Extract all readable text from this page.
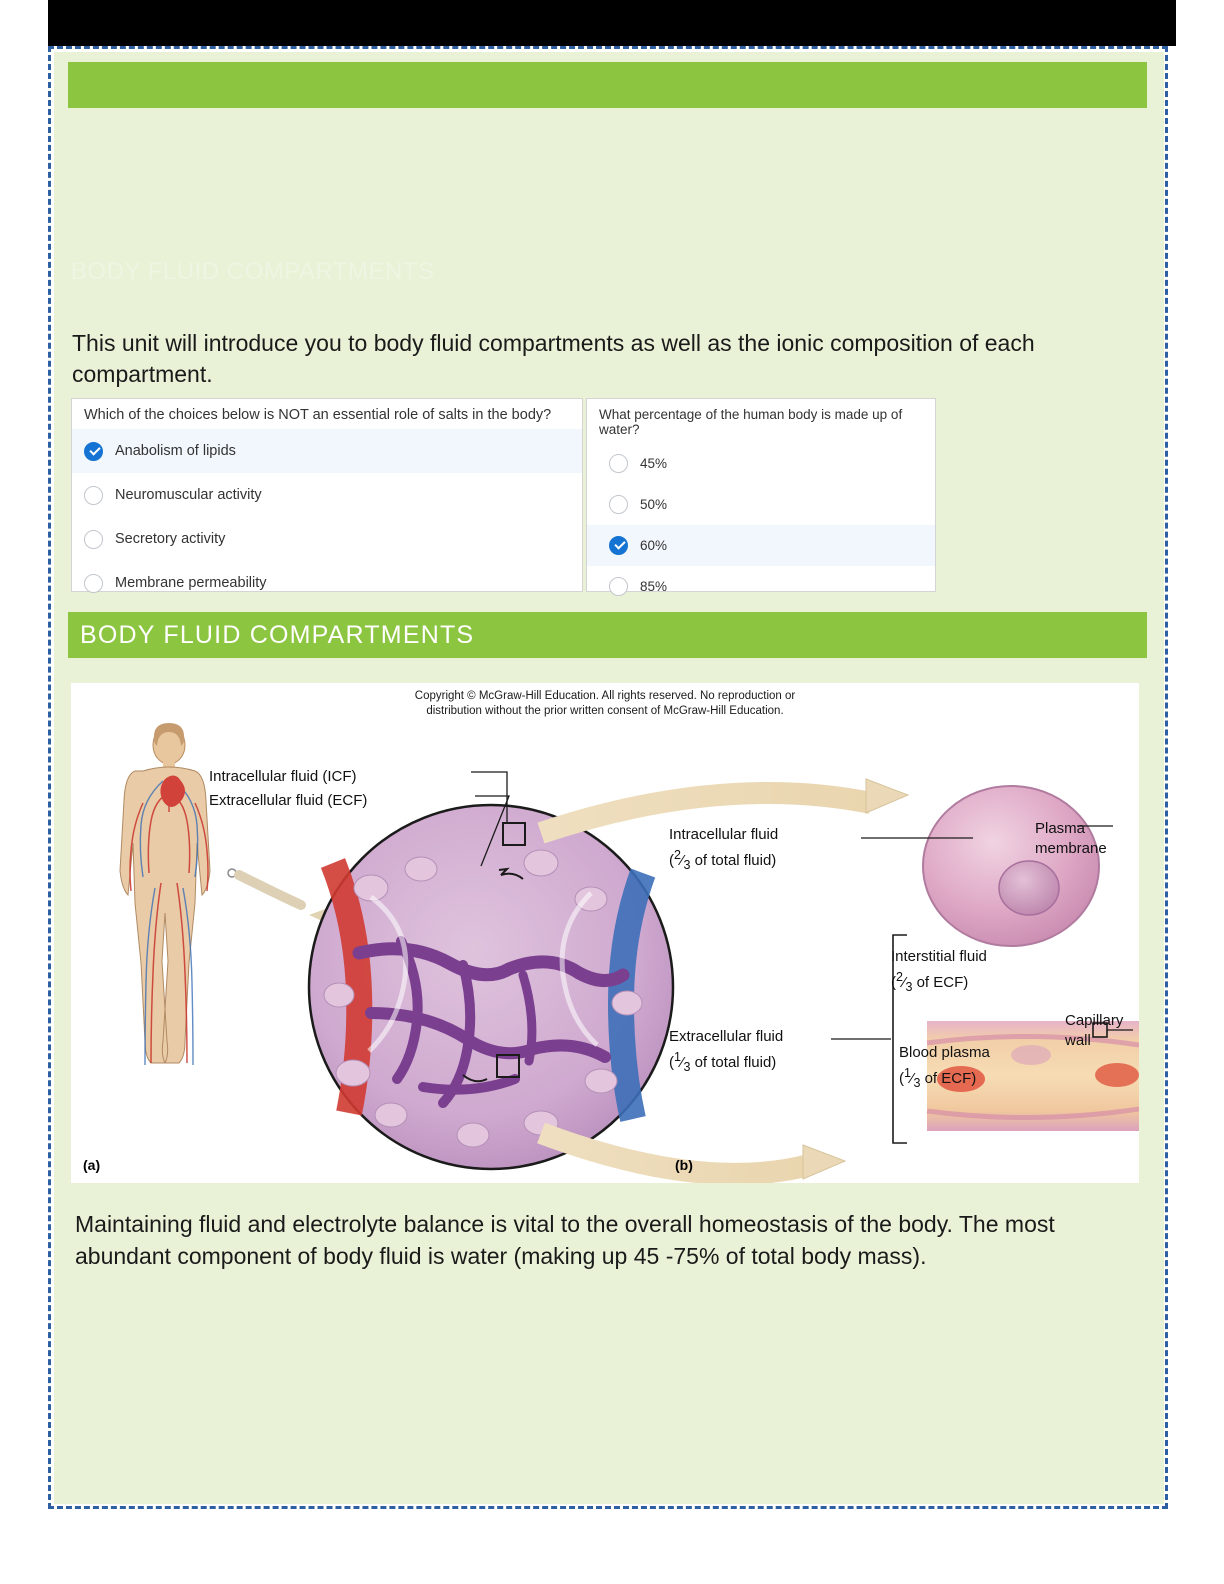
BODY FLUID COMPARTMENTS
This unit will introduce you to body fluid compartments as well as the ionic composition of each compartment.
Which of the choices below is NOT an essential role of salts in the body?
Anabolism of lipids
Neuromuscular activity
Secretory activity
Membrane permeability
What percentage of the human body is made up of water?
45%
50%
60%
85%
BODY FLUID COMPARTMENTS
Copyright © McGraw-Hill Education. All rights reserved. No reproduction or
distribution without the prior written consent of McGraw-Hill Education.
Intracellular fluid (ICF)
Extracellular fluid (ECF)
Intracellular fluid
($^2⁄_3$ of total fluid)
Extracellular fluid
($^1⁄_3$ of total fluid)
Plasma
membrane
Interstitial fluid
($^2⁄_3$ of ECF)
Capillary
wall
Blood plasma
($^1⁄_3$ of ECF)
(a)	(b)
Maintaining fluid and electrolyte balance is vital to the overall homeostasis of the body. The most abundant component of body fluid is water (making up 45 -75% of total body mass).
